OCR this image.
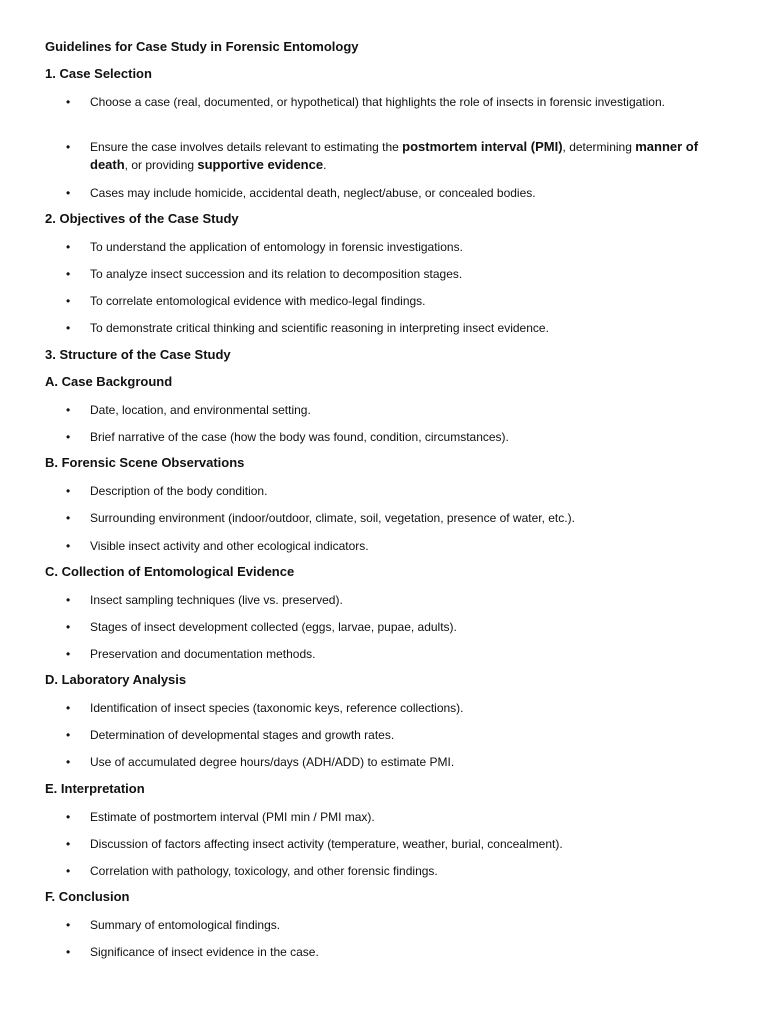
Guidelines for Case Study in Forensic Entomology
1. Case Selection
• Choose a case (real, documented, or hypothetical) that highlights the role of insects in forensic investigation.
• Ensure the case involves details relevant to estimating the postmortem interval (PMI), determining manner of death, or providing supportive evidence.
• Cases may include homicide, accidental death, neglect/abuse, or concealed bodies.
2. Objectives of the Case Study
• To understand the application of entomology in forensic investigations.
• To analyze insect succession and its relation to decomposition stages.
• To correlate entomological evidence with medico-legal findings.
• To demonstrate critical thinking and scientific reasoning in interpreting insect evidence.
3. Structure of the Case Study
A. Case Background
• Date, location, and environmental setting.
• Brief narrative of the case (how the body was found, condition, circumstances).
B. Forensic Scene Observations
• Description of the body condition.
• Surrounding environment (indoor/outdoor, climate, soil, vegetation, presence of water, etc.).
• Visible insect activity and other ecological indicators.
C. Collection of Entomological Evidence
• Insect sampling techniques (live vs. preserved).
• Stages of insect development collected (eggs, larvae, pupae, adults).
• Preservation and documentation methods.
D. Laboratory Analysis
• Identification of insect species (taxonomic keys, reference collections).
• Determination of developmental stages and growth rates.
• Use of accumulated degree hours/days (ADH/ADD) to estimate PMI.
E. Interpretation
• Estimate of postmortem interval (PMI min / PMI max).
• Discussion of factors affecting insect activity (temperature, weather, burial, concealment).
• Correlation with pathology, toxicology, and other forensic findings.
F. Conclusion
• Summary of entomological findings.
• Significance of insect evidence in the case.
